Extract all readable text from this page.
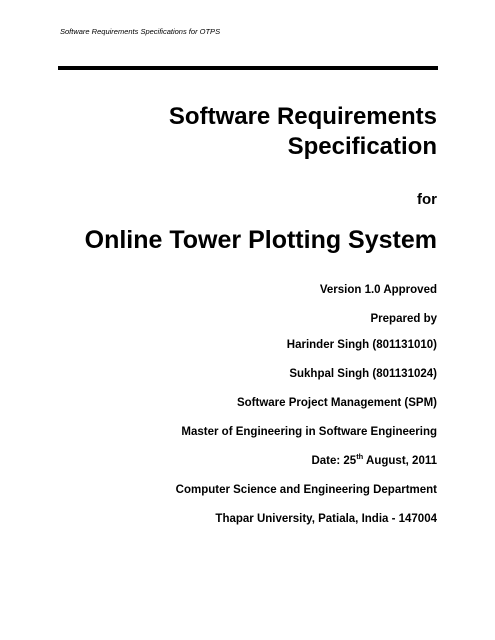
Software Requirements Specifications for OTPS
Software Requirements
Specification
for
Online Tower Plotting System
Version 1.0 Approved
Prepared by
Harinder Singh (801131010)
Sukhpal Singh (801131024)
Software Project Management (SPM)
Master of Engineering in Software Engineering
Date: 25th August, 2011
Computer Science and Engineering Department
Thapar University, Patiala, India - 147004
